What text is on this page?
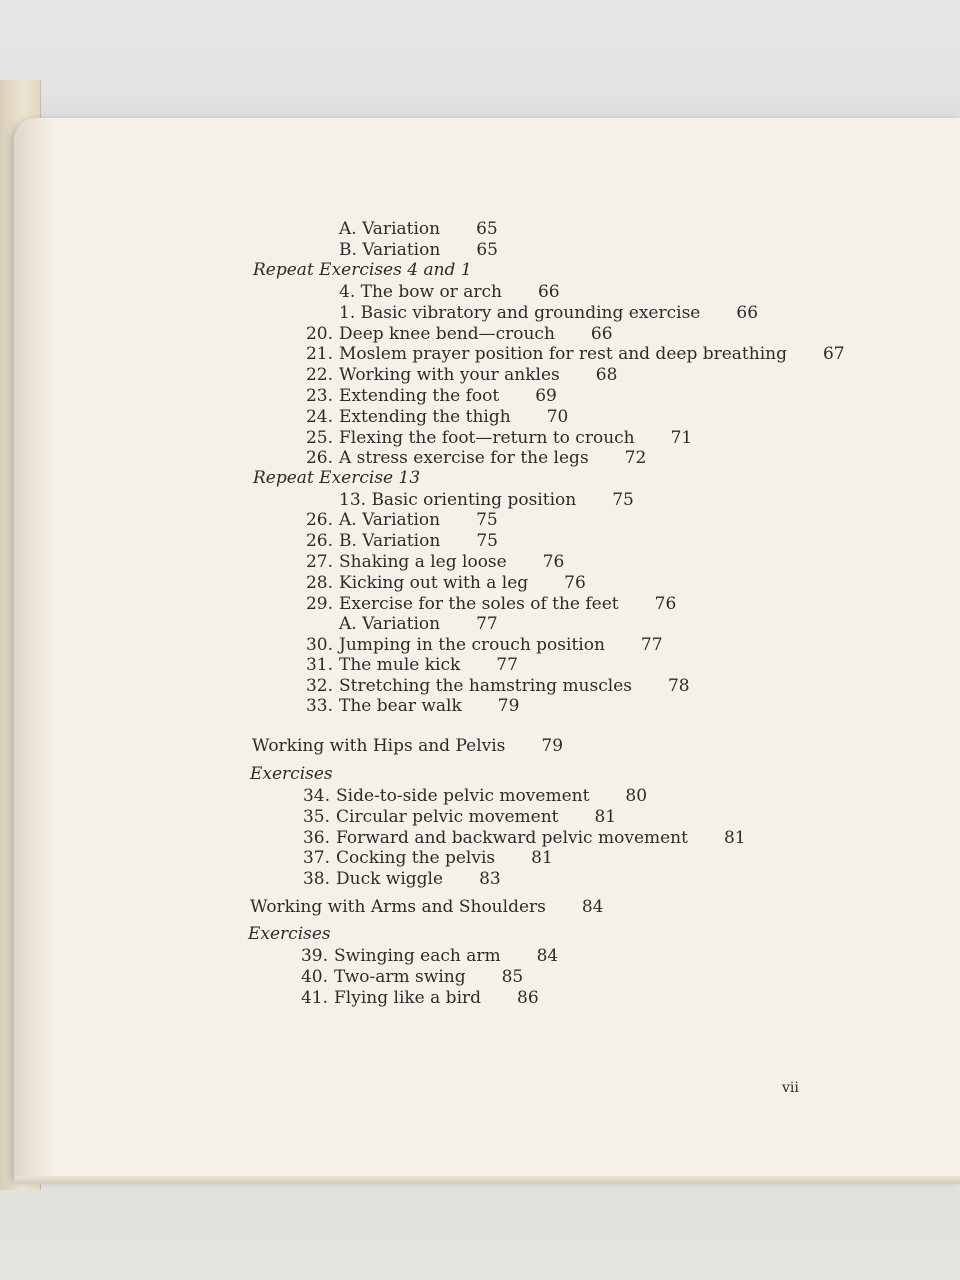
A. Variation 65
B. Variation 65
Repeat Exercises 4 and 1
4. The bow or arch 66
1. Basic vibratory and grounding exercise 66
20. Deep knee bend—crouch 66
21. Moslem prayer position for rest and deep breathing 67
22. Working with your ankles 68
23. Extending the foot 69
24. Extending the thigh 70
25. Flexing the foot—return to crouch 71
26. A stress exercise for the legs 72
Repeat Exercise 13
13. Basic orienting position 75
26. A. Variation 75
26. B. Variation 75
27. Shaking a leg loose 76
28. Kicking out with a leg 76
29. Exercise for the soles of the feet 76
A. Variation 77
30. Jumping in the crouch position 77
31. The mule kick 77
32. Stretching the hamstring muscles 78
33. The bear walk 79
Working with Hips and Pelvis 79
Exercises
34. Side-to-side pelvic movement 80
35. Circular pelvic movement 81
36. Forward and backward pelvic movement 81
37. Cocking the pelvis 81
38. Duck wiggle 83
Working with Arms and Shoulders 84
Exercises
39. Swinging each arm 84
40. Two-arm swing 85
41. Flying like a bird 86
vii
